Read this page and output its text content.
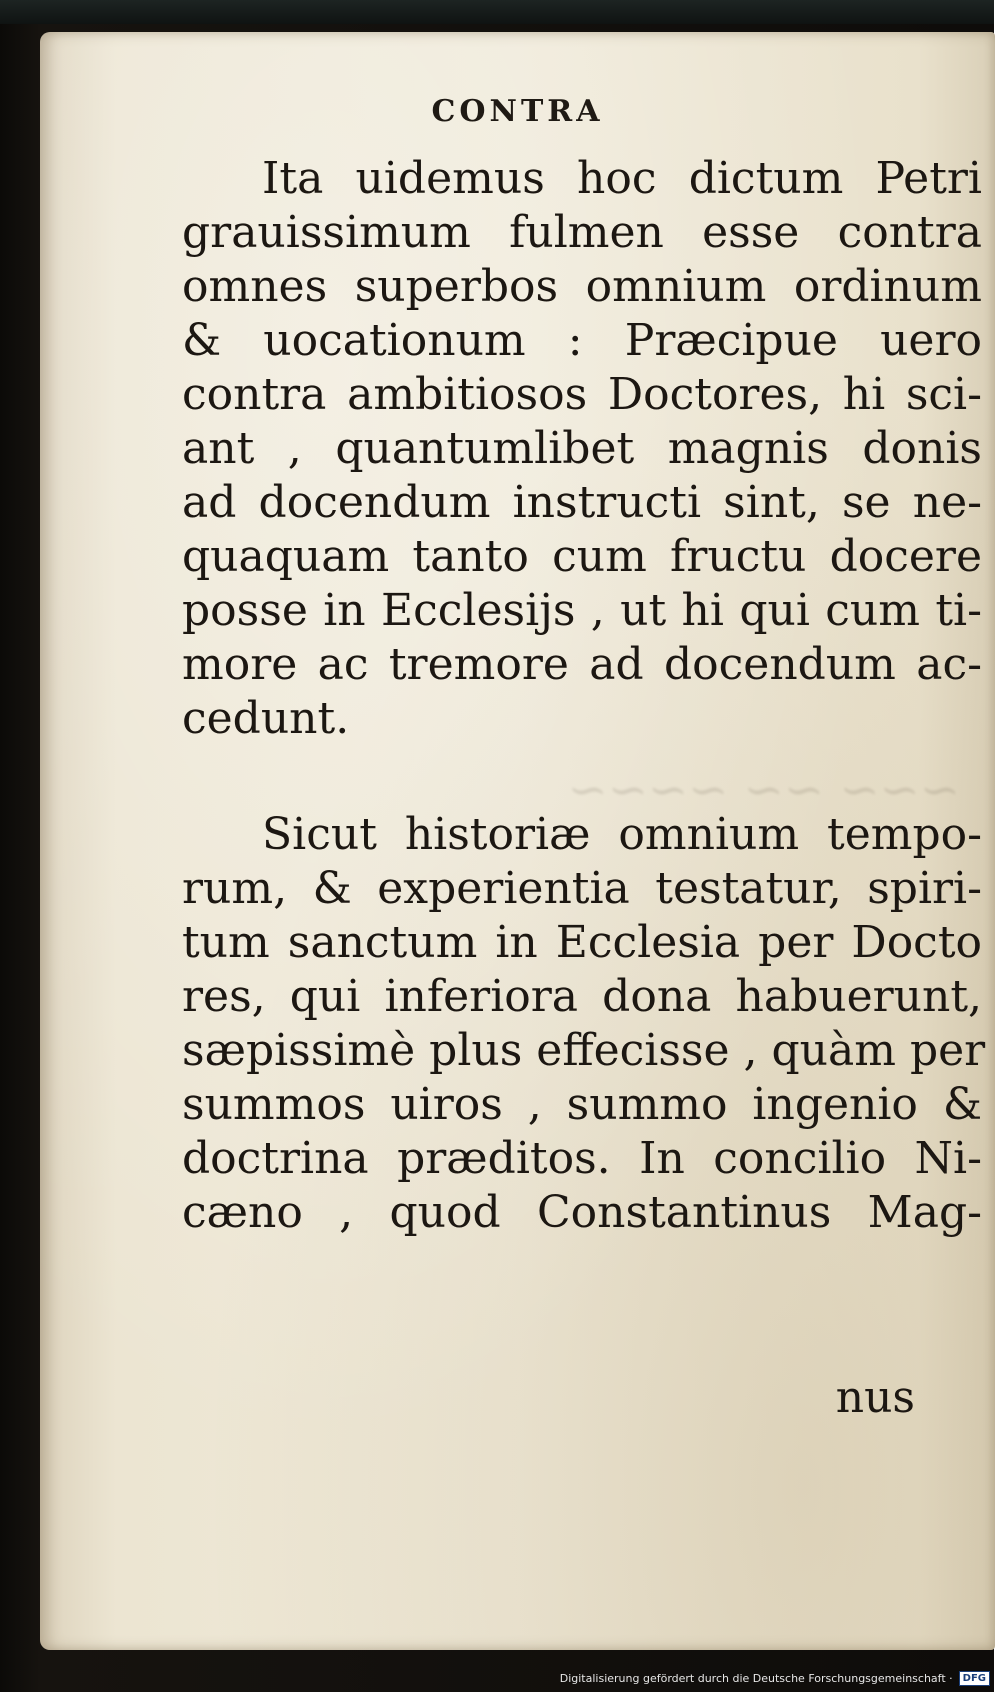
~~~ ~~ ~~~~
CONTRA
Ita uidemus hoc dictum Petri
grauissimum fulmen esse contra
omnes superbos omnium ordinum
& uocationum : Præcipue uero
contra ambitiosos Doctores, hi sci-
ant , quantumlibet magnis donis
ad docendum instructi sint, se ne-
quaquam tanto cum fructu docere
posse in Ecclesijs , ut hi qui cum ti-
more ac tremore ad docendum ac-
cedunt.
Sicut historiæ omnium tempo-
rum, & experientia testatur, spiri-
tum sanctum in Ecclesia per Docto
res, qui inferiora dona habuerunt,
sæpissimè plus effecisse , quàm per
summos uiros , summo ingenio &
doctrina præditos. In concilio Ni-
cæno , quod Constantinus Mag-
nus
Digitalisierung gefördert durch die Deutsche Forschungsgemeinschaft ·	DFG
